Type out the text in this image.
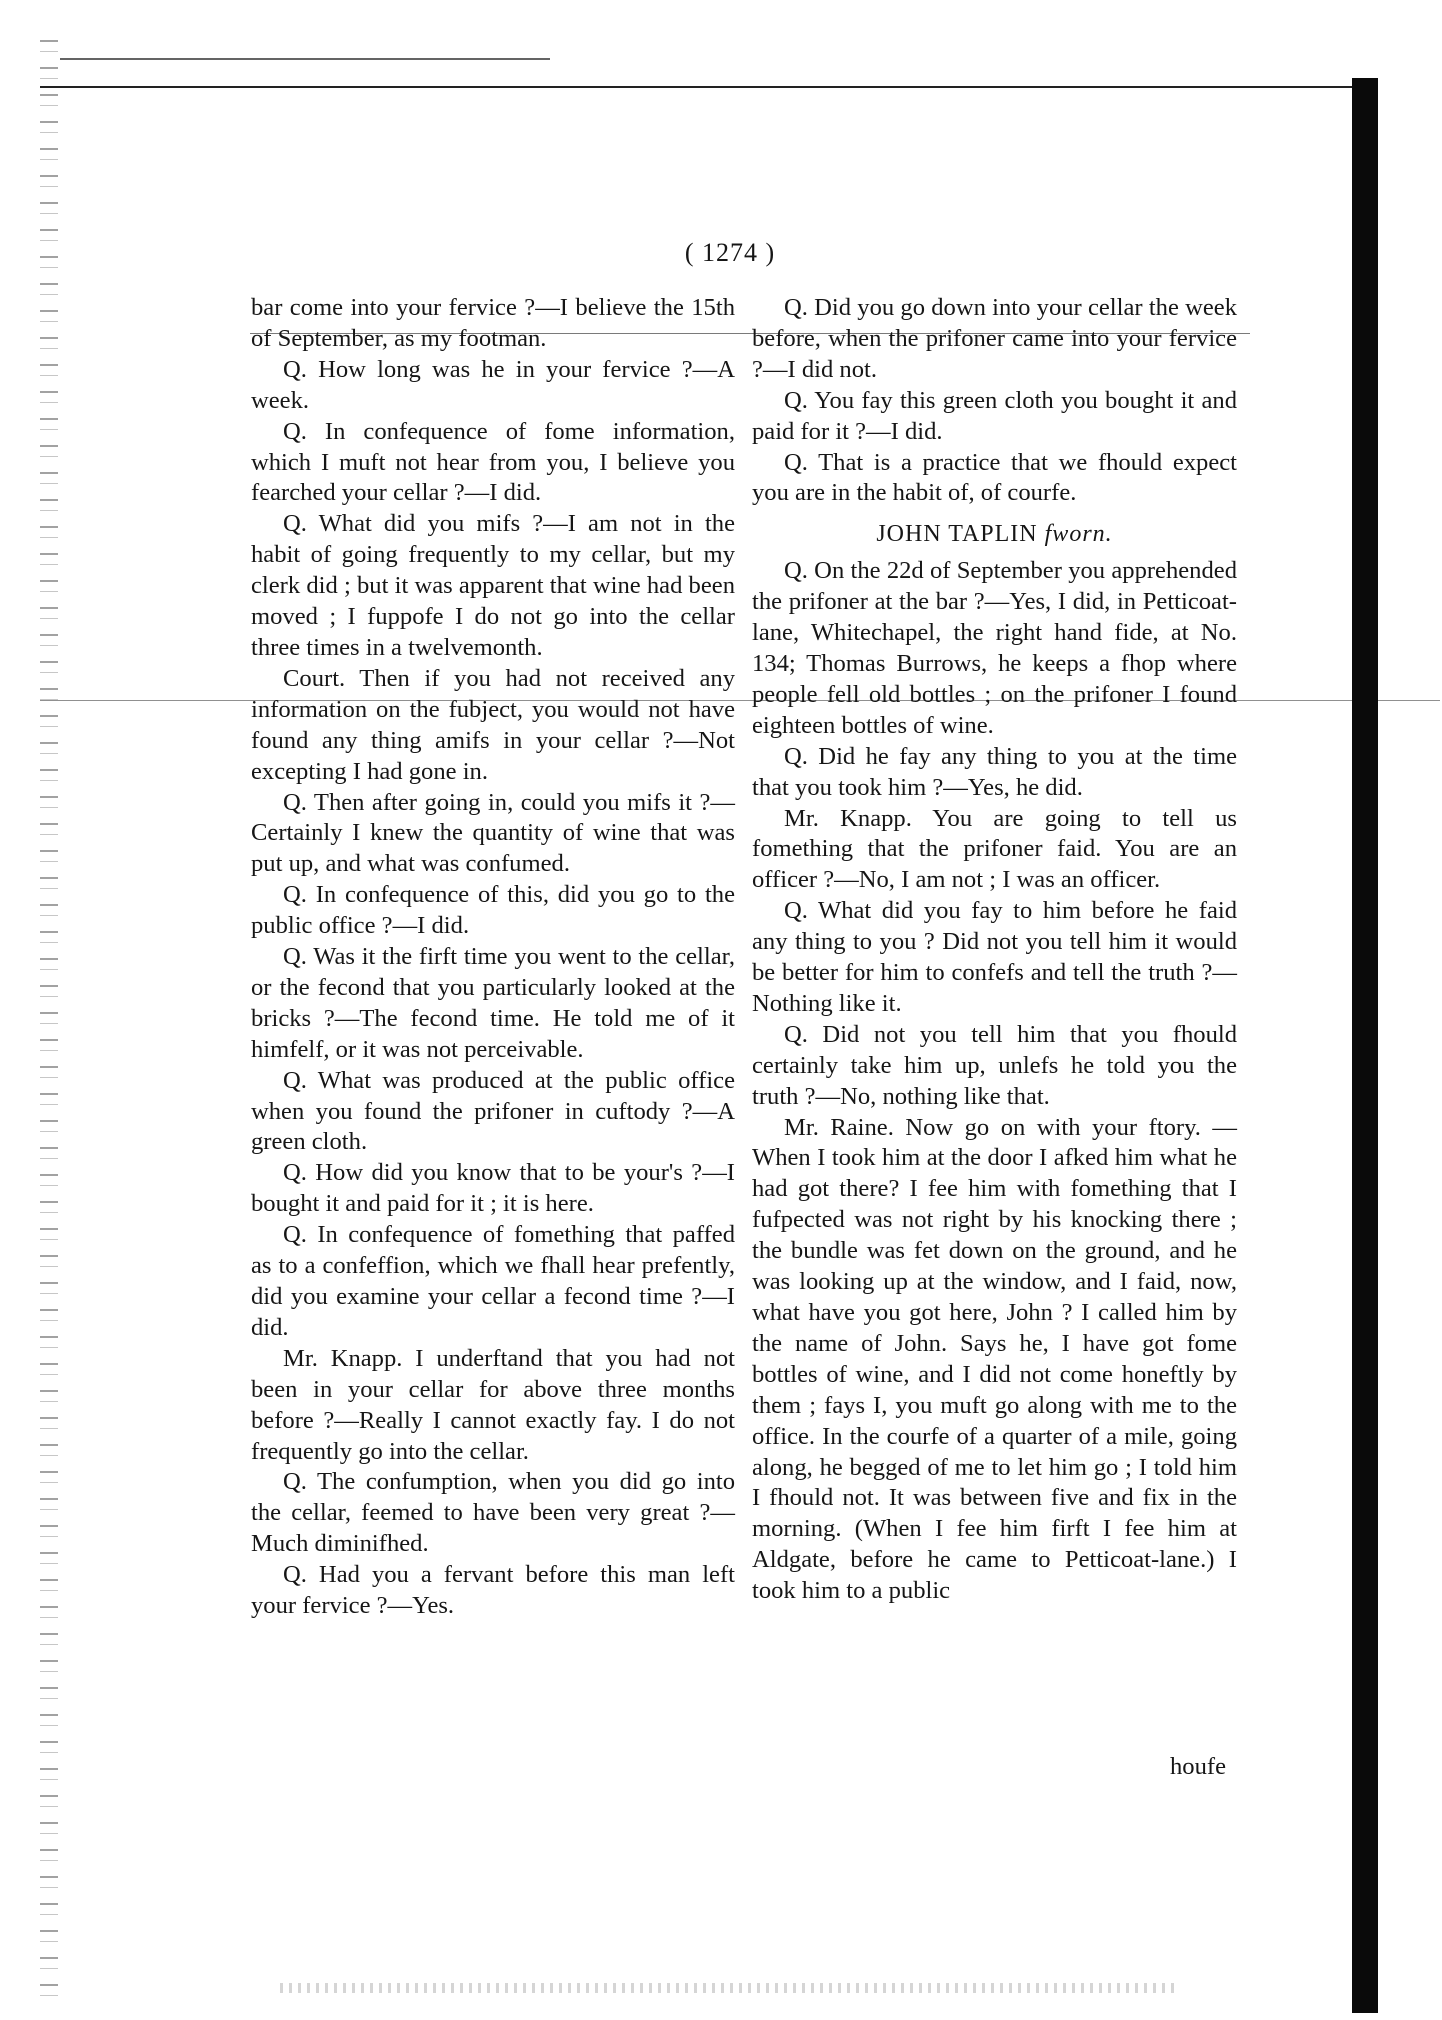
( 1274 )

bar come into your fervice ?—I believe the 15th of September, as my footman.

Q. How long was he in your fervice ?—A week.

Q. In confequence of fome information, which I muft not hear from you, I believe you fearched your cellar ?—I did.

Q. What did you mifs ?—I am not in the habit of going frequently to my cellar, but my clerk did ; but it was apparent that wine had been moved ; I fuppofe I do not go into the cellar three times in a twelvemonth.

Court. Then if you had not received any information on the fubject, you would not have found any thing amifs in your cellar ?—Not excepting I had gone in.

Q. Then after going in, could you mifs it ?—Certainly I knew the quantity of wine that was put up, and what was confumed.

Q. In confequence of this, did you go to the public office ?—I did.

Q. Was it the firft time you went to the cellar, or the fecond that you particularly looked at the bricks ?—The fecond time. He told me of it himfelf, or it was not perceivable.

Q. What was produced at the public office when you found the prifoner in cuftody ?—A green cloth.

Q. How did you know that to be your's ?—I bought it and paid for it ; it is here.

Q. In confequence of fomething that paffed as to a confeffion, which we fhall hear prefently, did you examine your cellar a fecond time ?—I did.

Mr. Knapp. I underftand that you had not been in your cellar for above three months before ?—Really I cannot exactly fay. I do not frequently go into the cellar.

Q. The confumption, when you did go into the cellar, feemed to have been very great ?—Much diminifhed.

Q. Had you a fervant before this man left your fervice ?—Yes.

Q. Did you go down into your cellar the week before, when the prifoner came into your fervice ?—I did not.

Q. You fay this green cloth you bought it and paid for it ?—I did.

Q. That is a practice that we fhould expect you are in the habit of, of courfe.

JOHN TAPLIN fworn.

Q. On the 22d of September you apprehended the prifoner at the bar ?—Yes, I did, in Petticoat-lane, Whitechapel, the right hand fide, at No. 134; Thomas Burrows, he keeps a fhop where people fell old bottles ; on the prifoner I found eighteen bottles of wine.

Q. Did he fay any thing to you at the time that you took him ?—Yes, he did.

Mr. Knapp. You are going to tell us fomething that the prifoner faid. You are an officer ?—No, I am not ; I was an officer.

Q. What did you fay to him before he faid any thing to you ? Did not you tell him it would be better for him to confefs and tell the truth ?—Nothing like it.

Q. Did not you tell him that you fhould certainly take him up, unlefs he told you the truth ?—No, nothing like that.

Mr. Raine. Now go on with your ftory. —When I took him at the door I afked him what he had got there? I fee him with fomething that I fufpected was not right by his knocking there ; the bundle was fet down on the ground, and he was looking up at the window, and I faid, now, what have you got here, John ? I called him by the name of John. Says he, I have got fome bottles of wine, and I did not come honeftly by them ; fays I, you muft go along with me to the office. In the courfe of a quarter of a mile, going along, he begged of me to let him go ; I told him I fhould not. It was between five and fix in the morning. (When I fee him firft I fee him at Aldgate, before he came to Petticoat-lane.) I took him to a public

houfe
